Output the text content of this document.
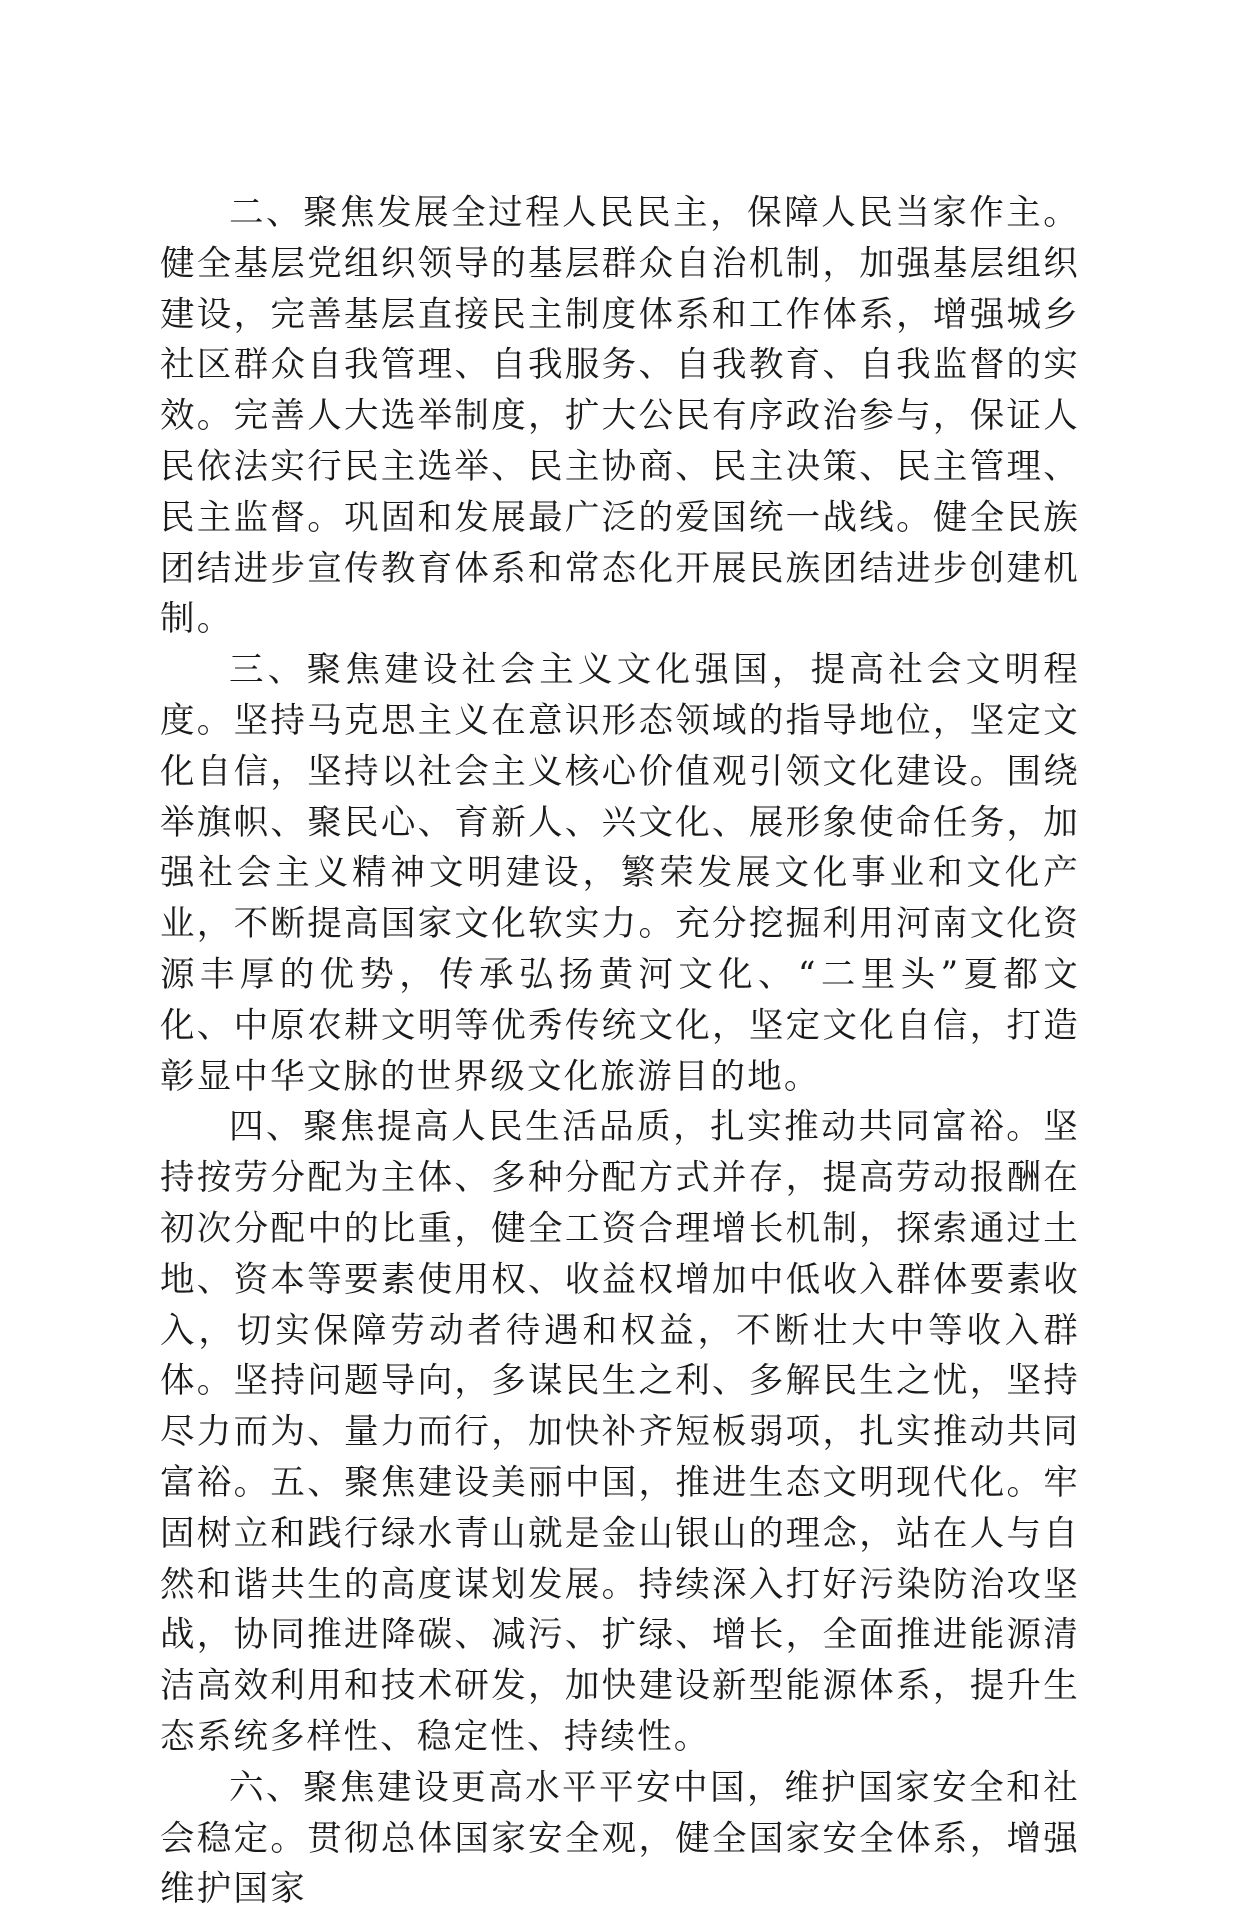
二、聚焦发展全过程人民民主，保障人民当家作主。健全基层党组织领导的基层群众自治机制，加强基层组织建设，完善基层直接民主制度体系和工作体系，增强城乡社区群众自我管理、自我服务、自我教育、自我监督的实效。完善人大选举制度，扩大公民有序政治参与，保证人民依法实行民主选举、民主协商、民主决策、民主管理、民主监督。巩固和发展最广泛的爱国统一战线。健全民族团结进步宣传教育体系和常态化开展民族团结进步创建机制。

三、聚焦建设社会主义文化强国，提高社会文明程度。坚持马克思主义在意识形态领域的指导地位，坚定文化自信，坚持以社会主义核心价值观引领文化建设。围绕举旗帜、聚民心、育新人、兴文化、展形象使命任务，加强社会主义精神文明建设，繁荣发展文化事业和文化产业，不断提高国家文化软实力。充分挖掘利用河南文化资源丰厚的优势，传承弘扬黄河文化、“二里头”夏都文化、中原农耕文明等优秀传统文化，坚定文化自信，打造彰显中华文脉的世界级文化旅游目的地。

四、聚焦提高人民生活品质，扎实推动共同富裕。坚持按劳分配为主体、多种分配方式并存，提高劳动报酬在初次分配中的比重，健全工资合理增长机制，探索通过土地、资本等要素使用权、收益权增加中低收入群体要素收入，切实保障劳动者待遇和权益，不断壮大中等收入群体。坚持问题导向，多谋民生之利、多解民生之忧，坚持尽力而为、量力而行，加快补齐短板弱项，扎实推动共同富裕。五、聚焦建设美丽中国，推进生态文明现代化。牢固树立和践行绿水青山就是金山银山的理念，站在人与自然和谐共生的高度谋划发展。持续深入打好污染防治攻坚战，协同推进降碳、减污、扩绿、增长，全面推进能源清洁高效利用和技术研发，加快建设新型能源体系，提升生态系统多样性、稳定性、持续性。

六、聚焦建设更高水平平安中国，维护国家安全和社会稳定。贯彻总体国家安全观，健全国家安全体系，增强维护国家
